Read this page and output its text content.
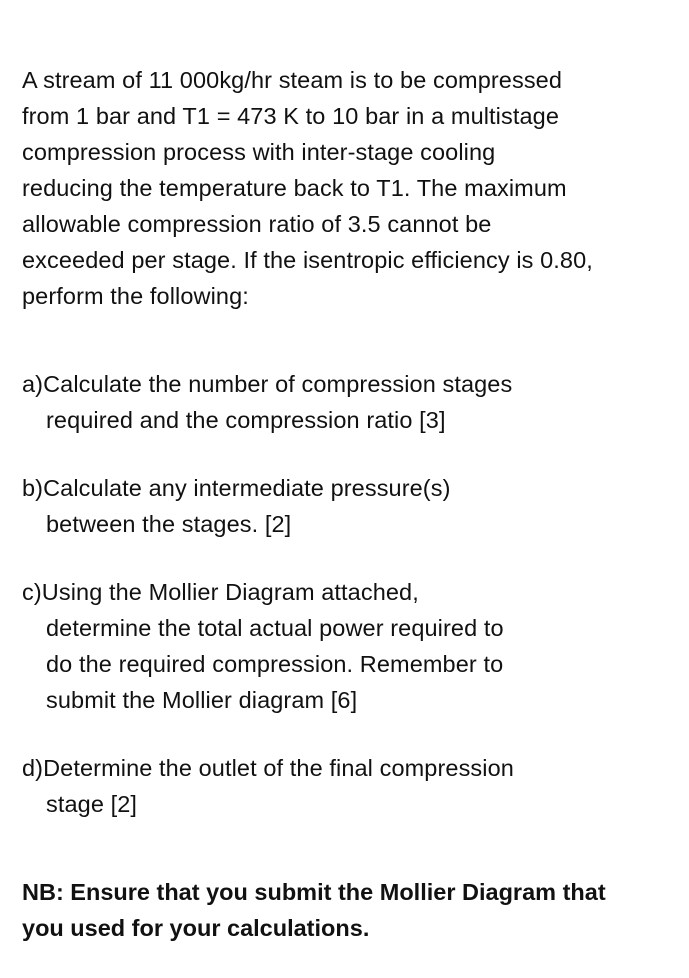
A stream of 11 000kg/hr steam is to be compressed
from 1 bar and T1 = 473 K to 10 bar in a multistage
compression process with inter-stage cooling
reducing the temperature back to T1. The maximum
allowable compression ratio of 3.5 cannot be
exceeded per stage. If the isentropic efficiency is 0.80,
perform the following:

a)Calculate the number of compression stages
required and the compression ratio [3]

b)Calculate any intermediate pressure(s)
between the stages. [2]

c)Using the Mollier Diagram attached,
determine the total actual power required to
do the required compression. Remember to
submit the Mollier diagram [6]

d)Determine the outlet of the final compression
stage [2]

NB: Ensure that you submit the Mollier Diagram that
you used for your calculations.
